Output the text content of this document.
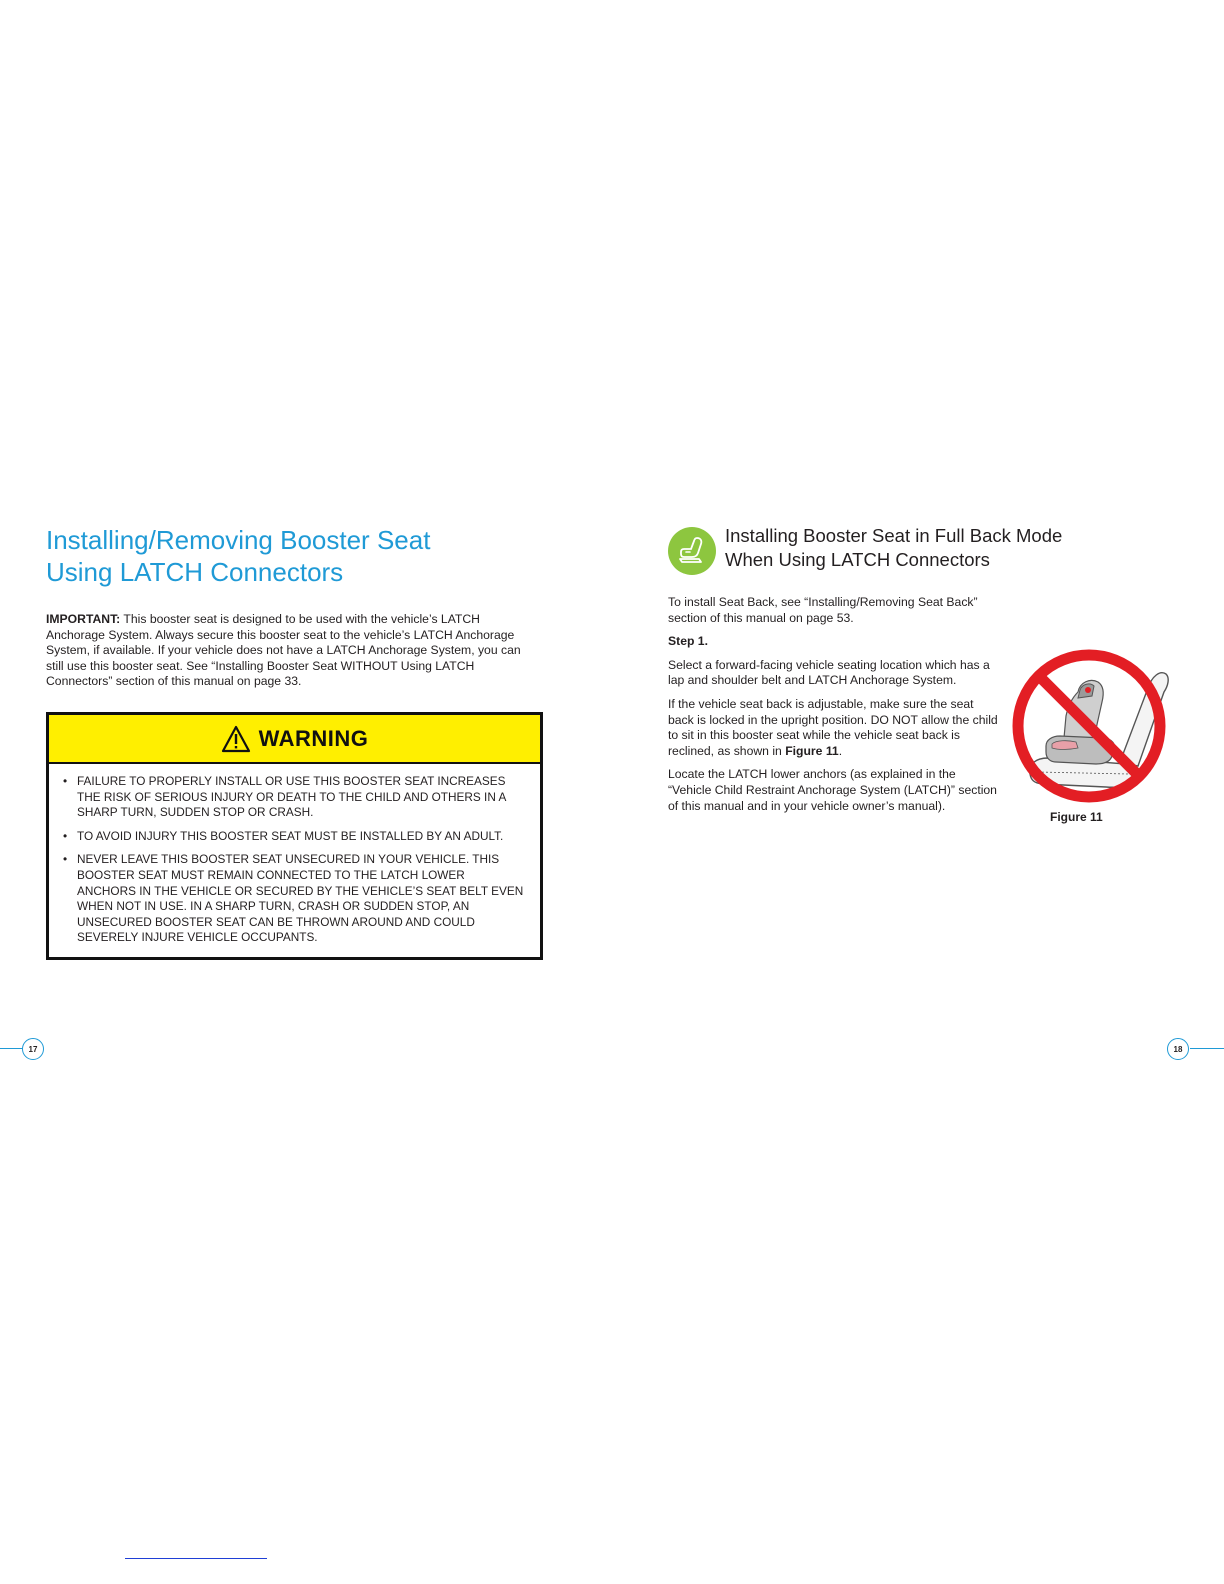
Installing/Removing Booster Seat
Using LATCH Connectors

IMPORTANT: This booster seat is designed to be used with the vehicle’s LATCH Anchorage System. Always secure this booster seat to the vehicle’s LATCH Anchorage System, if available. If your vehicle does not have a LATCH Anchorage System, you can still use this booster seat. See “Installing Booster Seat WITHOUT Using LATCH Connectors” section of this manual on page 33.

WARNING
• FAILURE TO PROPERLY INSTALL OR USE THIS BOOSTER SEAT INCREASES THE RISK OF SERIOUS INJURY OR DEATH TO THE CHILD AND OTHERS IN A SHARP TURN, SUDDEN STOP OR CRASH.
• TO AVOID INJURY THIS BOOSTER SEAT MUST BE INSTALLED BY AN ADULT.
• NEVER LEAVE THIS BOOSTER SEAT UNSECURED IN YOUR VEHICLE. THIS BOOSTER SEAT MUST REMAIN CONNECTED TO THE LATCH LOWER ANCHORS IN THE VEHICLE OR SECURED BY THE VEHICLE’S SEAT BELT EVEN WHEN NOT IN USE. IN A SHARP TURN, CRASH OR SUDDEN STOP, AN UNSECURED BOOSTER SEAT CAN BE THROWN AROUND AND COULD SEVERELY INJURE VEHICLE OCCUPANTS.
17
Installing Booster Seat in Full Back Mode
When Using LATCH Connectors

To install Seat Back, see “Installing/Removing Seat Back” section of this manual on page 53.

Step 1.

Select a forward-facing vehicle seating location which has a lap and shoulder belt and LATCH Anchorage System.

If the vehicle seat back is adjustable, make sure the seat back is locked in the upright position. DO NOT allow the child to sit in this booster seat while the vehicle seat back is reclined, as shown in Figure 11.

Locate the LATCH lower anchors (as explained in the “Vehicle Child Restraint Anchorage System (LATCH)” section of this manual and in your vehicle owner’s manual).

Figure 11
18
